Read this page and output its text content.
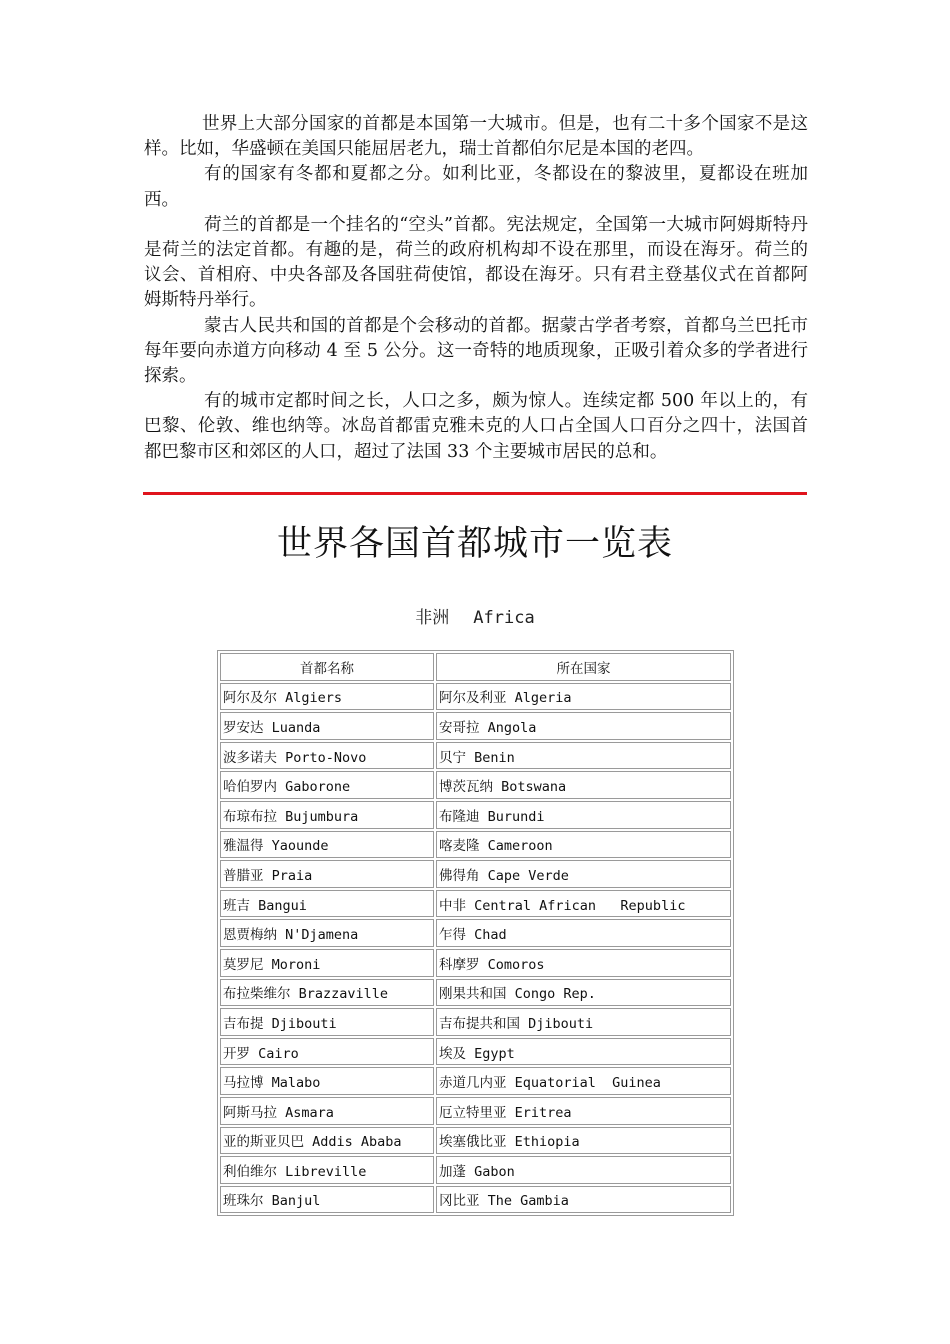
世界上大部分国家的首都是本国第一大城市。但是，也有二十多个国家不是这样。比如，华盛顿在美国只能屈居老九，瑞士首都伯尔尼是本国的老四。

有的国家有冬都和夏都之分。如利比亚，冬都设在的黎波里，夏都设在班加西。

荷兰的首都是一个挂名的“空头”首都。宪法规定，全国第一大城市阿姆斯特丹是荷兰的法定首都。有趣的是，荷兰的政府机构却不设在那里，而设在海牙。荷兰的议会、首相府、中央各部及各国驻荷使馆，都设在海牙。只有君主登基仪式在首都阿姆斯特丹举行。

蒙古人民共和国的首都是个会移动的首都。据蒙古学者考察，首都乌兰巴托市每年要向赤道方向移动 4 至 5 公分。这一奇特的地质现象，正吸引着众多的学者进行探索。

有的城市定都时间之长，人口之多，颇为惊人。连续定都 500 年以上的，有巴黎、伦敦、维也纳等。冰岛首都雷克雅未克的人口占全国人口百分之四十，法国首都巴黎市区和郊区的人口，超过了法国 33 个主要城市居民的总和。

世界各国首都城市一览表
非洲 Africa
首都名称	所在国家
阿尔及尔 Algiers	阿尔及利亚 Algeria
罗安达 Luanda	安哥拉 Angola
波多诺夫 Porto-Novo	贝宁 Benin
哈伯罗内 Gaborone	博茨瓦纳 Botswana
布琼布拉 Bujumbura	布隆迪 Burundi
雅温得 Yaounde	喀麦隆 Cameroon
普腊亚 Praia	佛得角 Cape Verde
班吉 Bangui	中非 Central African   Republic
恩贾梅纳 N'Djamena	乍得 Chad
莫罗尼 Moroni	科摩罗 Comoros
布拉柴维尔 Brazzaville	刚果共和国 Congo Rep.
吉布提 Djibouti	吉布提共和国 Djibouti
开罗 Cairo	埃及 Egypt
马拉博 Malabo	赤道几内亚 Equatorial  Guinea
阿斯马拉 Asmara	厄立特里亚 Eritrea
亚的斯亚贝巴 Addis Ababa	埃塞俄比亚 Ethiopia
利伯维尔 Libreville	加蓬 Gabon
班珠尔 Banjul	冈比亚 The Gambia
